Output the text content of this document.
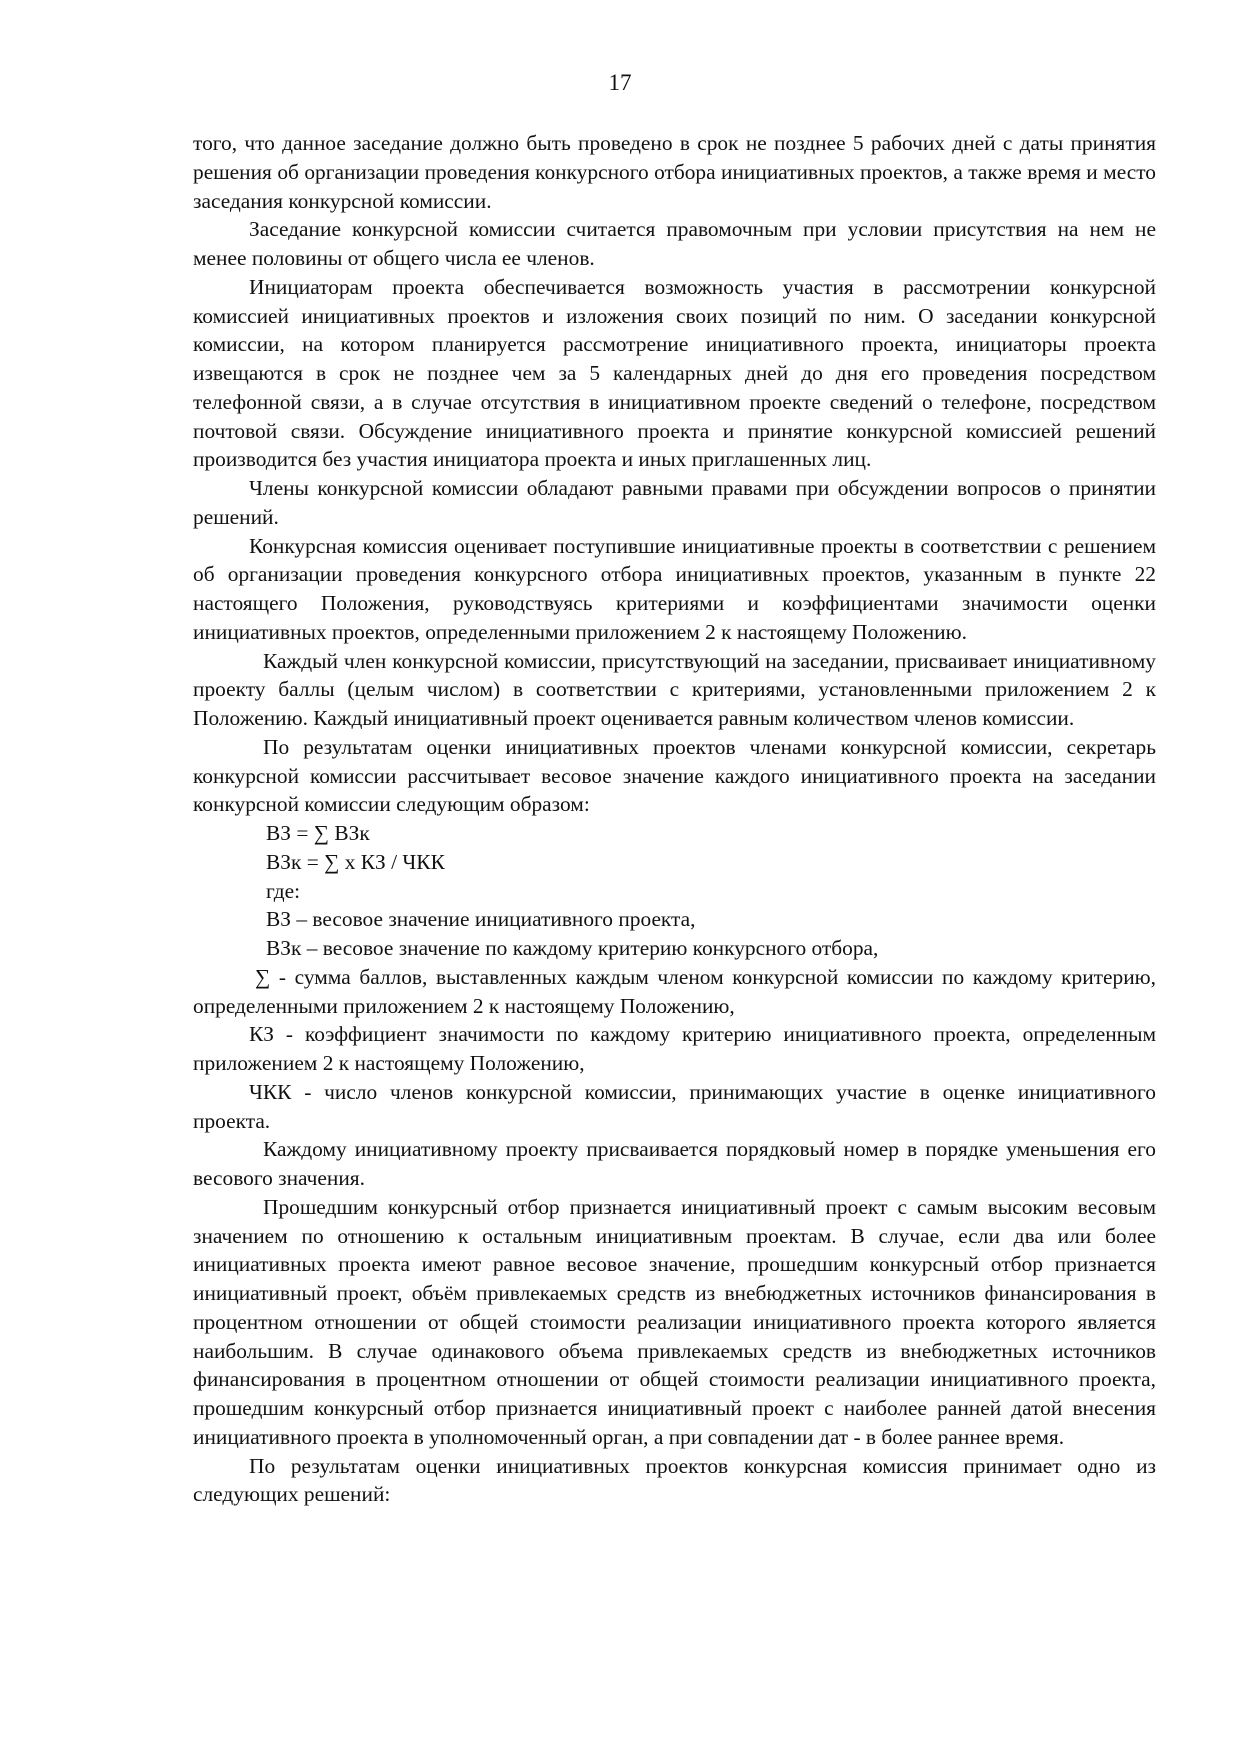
17

того, что данное заседание должно быть проведено в срок не позднее 5 рабочих дней с даты принятия решения об организации проведения конкурсного отбора инициативных проектов, а также время и место заседания конкурсной комиссии.

Заседание конкурсной комиссии считается правомочным при условии присутствия на нем не менее половины от общего числа ее членов.

Инициаторам проекта обеспечивается возможность участия в рассмотрении конкурсной комиссией инициативных проектов и изложения своих позиций по ним. О заседании конкурсной комиссии, на котором планируется рассмотрение инициативного проекта, инициаторы проекта извещаются в срок не позднее чем за 5 календарных дней до дня его проведения посредством телефонной связи, а в случае отсутствия в инициативном проекте сведений о телефоне, посредством почтовой связи. Обсуждение инициативного проекта и принятие конкурсной комиссией решений производится без участия инициатора проекта и иных приглашенных лиц.

Члены конкурсной комиссии обладают равными правами при обсуждении вопросов о принятии решений.

Конкурсная комиссия оценивает поступившие инициативные проекты в соответствии с решением об организации проведения конкурсного отбора инициативных проектов, указанным в пункте 22 настоящего Положения, руководствуясь критериями и коэффициентами значимости оценки инициативных проектов, определенными приложением 2 к настоящему Положению.

Каждый член конкурсной комиссии, присутствующий на заседании, присваивает инициативному проекту баллы (целым числом) в соответствии с критериями, установленными приложением 2 к Положению. Каждый инициативный проект оценивается равным количеством членов комиссии.

По результатам оценки инициативных проектов членами конкурсной комиссии, секретарь конкурсной комиссии рассчитывает весовое значение каждого инициативного проекта на заседании конкурсной комиссии следующим образом:

ВЗ = ∑ ВЗк

ВЗк = ∑ х КЗ / ЧКК

где:

ВЗ – весовое значение инициативного проекта,

ВЗк – весовое значение по каждому критерию конкурсного отбора,

∑ - сумма баллов, выставленных каждым членом конкурсной комиссии по каждому критерию, определенными приложением 2 к настоящему Положению,

КЗ - коэффициент значимости по каждому критерию инициативного проекта, определенным приложением 2 к настоящему Положению,

ЧКК - число членов конкурсной комиссии, принимающих участие в оценке инициативного проекта.

Каждому инициативному проекту присваивается порядковый номер в порядке уменьшения его весового значения.

Прошедшим конкурсный отбор признается инициативный проект с самым высоким весовым значением по отношению к остальным инициативным проектам. В случае, если два или более инициативных проекта имеют равное весовое значение, прошедшим конкурсный отбор признается инициативный проект, объём привлекаемых средств из внебюджетных источников финансирования в процентном отношении от общей стоимости реализации инициативного проекта которого является наибольшим. В случае одинакового объема привлекаемых средств из внебюджетных источников финансирования в процентном отношении от общей стоимости реализации инициативного проекта, прошедшим конкурсный отбор признается инициативный проект с наиболее ранней датой внесения инициативного проекта в уполномоченный орган, а при совпадении дат - в более раннее время.

По результатам оценки инициативных проектов конкурсная комиссия принимает одно из следующих решений:
